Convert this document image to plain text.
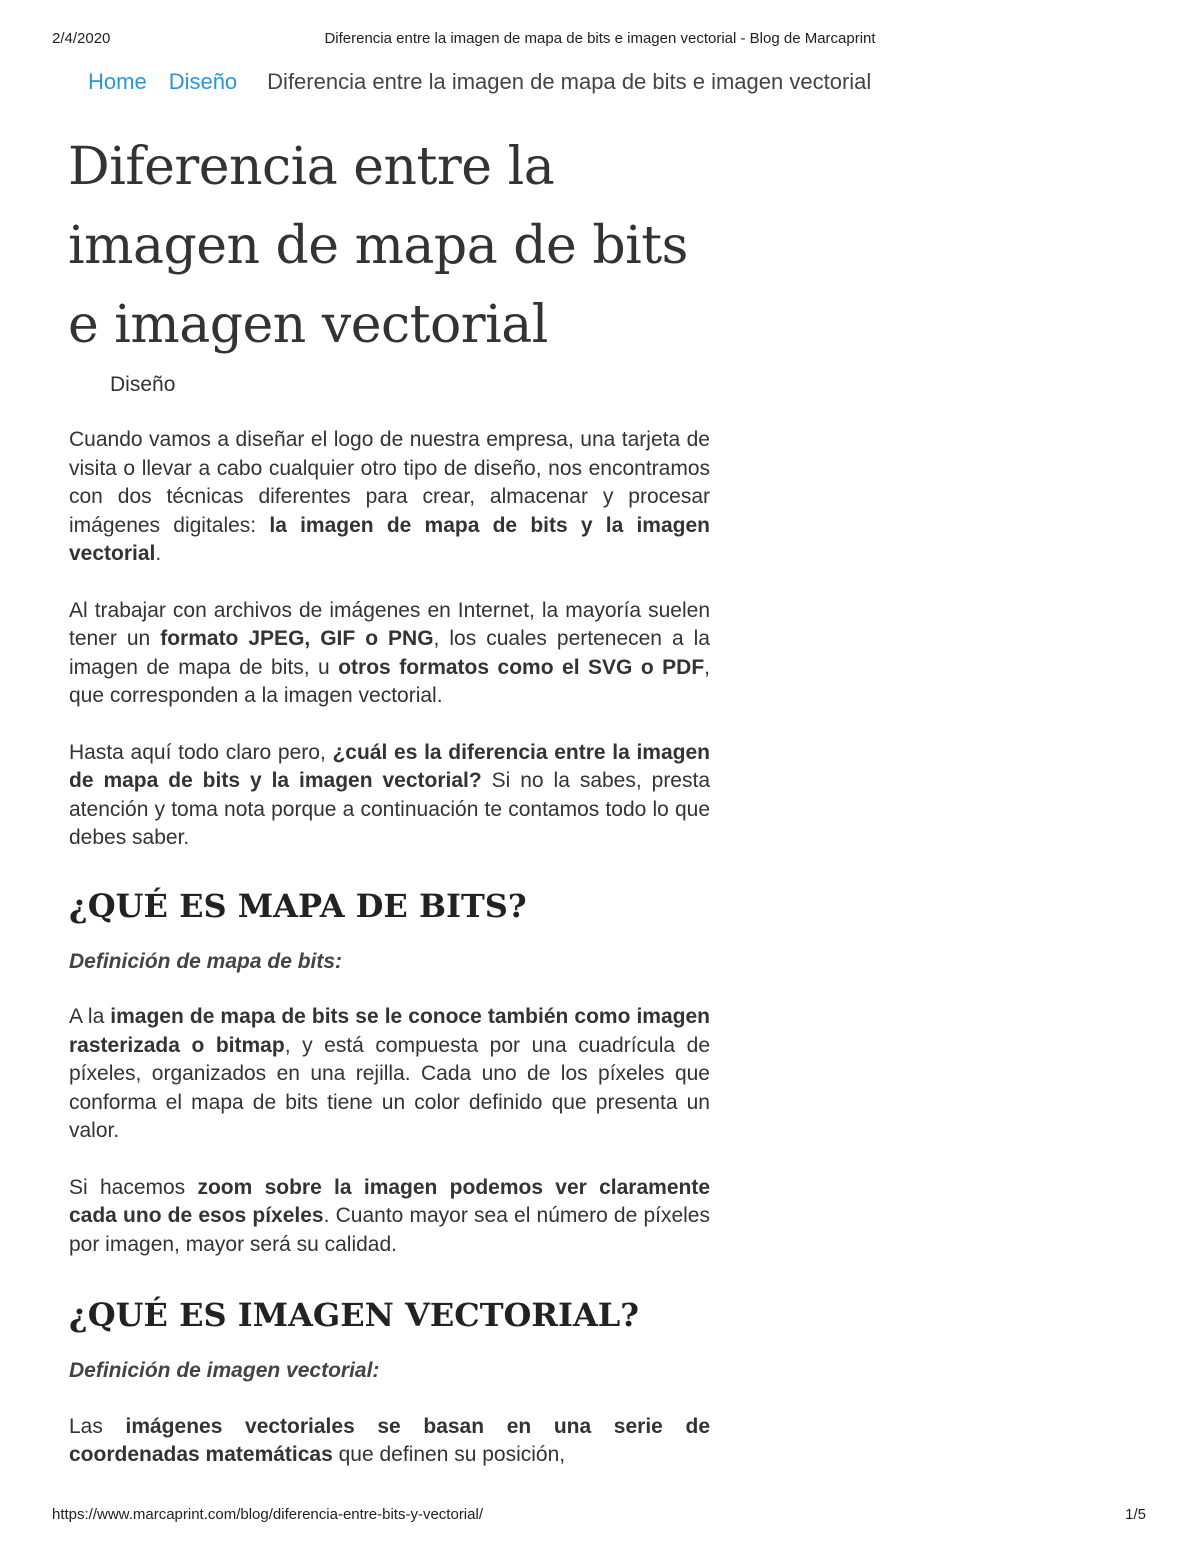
2/4/2020	Diferencia entre la imagen de mapa de bits e imagen vectorial - Blog de Marcaprint
Home Diseño Diferencia entre la imagen de mapa de bits e imagen vectorial
Diferencia entre la
imagen de mapa de bits
e imagen vectorial
Diseño

Cuando vamos a diseñar el logo de nuestra empresa, una tarjeta de visita o llevar a cabo cualquier otro tipo de diseño, nos encontramos con dos técnicas diferentes para crear, almacenar y procesar imágenes digitales: la imagen de mapa de bits y la imagen vectorial.

Al trabajar con archivos de imágenes en Internet, la mayoría suelen tener un formato JPEG, GIF o PNG, los cuales pertenecen a la imagen de mapa de bits, u otros formatos como el SVG o PDF, que corresponden a la imagen vectorial.

Hasta aquí todo claro pero, ¿cuál es la diferencia entre la imagen de mapa de bits y la imagen vectorial? Si no la sabes, presta atención y toma nota porque a continuación te contamos todo lo que debes saber.

¿QUÉ ES MAPA DE BITS?

Definición de mapa de bits:

A la imagen de mapa de bits se le conoce también como imagen rasterizada o bitmap, y está compuesta por una cuadrícula de píxeles, organizados en una rejilla. Cada uno de los píxeles que conforma el mapa de bits tiene un color definido que presenta un valor.

Si hacemos zoom sobre la imagen podemos ver claramente cada uno de esos píxeles. Cuanto mayor sea el número de píxeles por imagen, mayor será su calidad.

¿QUÉ ES IMAGEN VECTORIAL?

Definición de imagen vectorial:

Las imágenes vectoriales se basan en una serie de coordenadas matemáticas que definen su posición,

https://www.marcaprint.com/blog/diferencia-entre-bits-y-vectorial/	1/5
